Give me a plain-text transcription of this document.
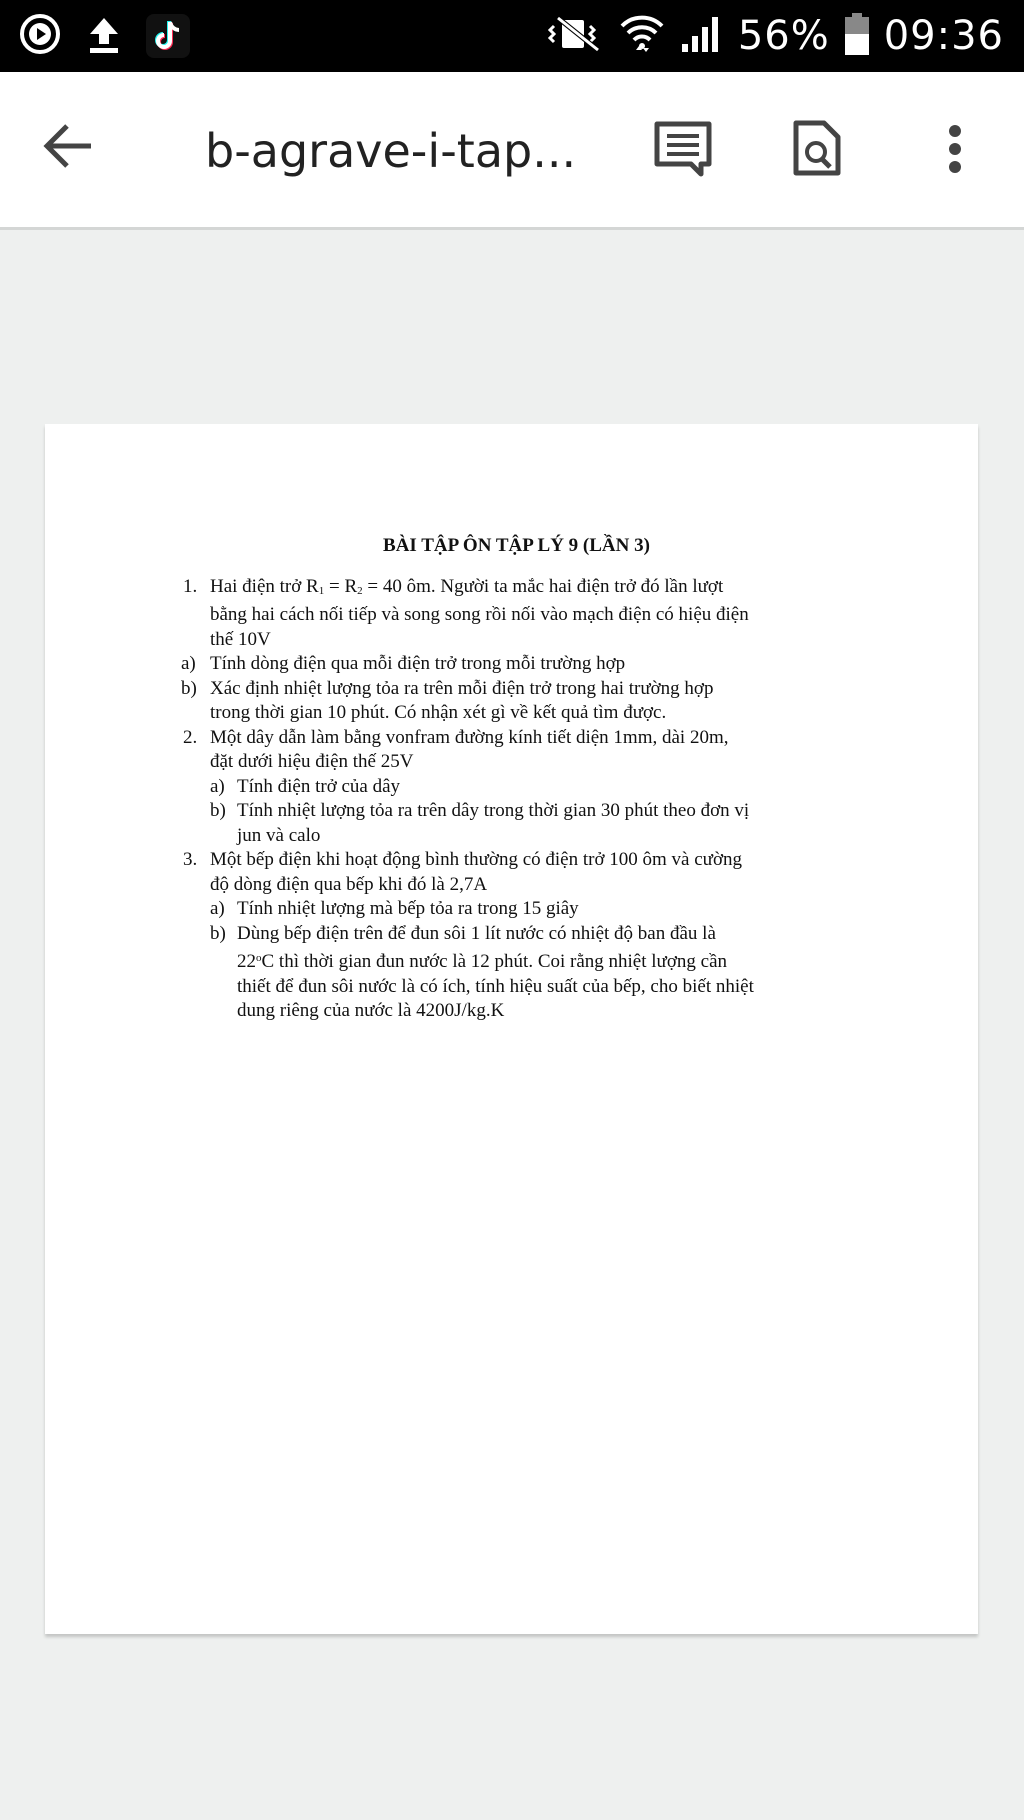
56% 09:36
b-agrave-i-tap...
BÀI TẬP ÔN TẬP LÝ 9 (LẦN 3)
1. Hai điện trở $R_1 = R_2 = 40$ ôm. Người ta mắc hai điện trở đó lần lượt bằng hai cách nối tiếp và song song rồi nối vào mạch điện có hiệu điện thế 10V
a) Tính dòng điện qua mỗi điện trở trong mỗi trường hợp
b) Xác định nhiệt lượng tỏa ra trên mỗi điện trở trong hai trường hợp trong thời gian 10 phút. Có nhận xét gì về kết quả tìm được.
2. Một dây dẫn làm bằng vonfram đường kính tiết diện 1mm, dài 20m, đặt dưới hiệu điện thế 25V
a) Tính điện trở của dây
b) Tính nhiệt lượng tỏa ra trên dây trong thời gian 30 phút theo đơn vị jun và calo
3. Một bếp điện khi hoạt động bình thường có điện trở 100 ôm và cường độ dòng điện qua bếp khi đó là 2,7A
a) Tính nhiệt lượng mà bếp tỏa ra trong 15 giây
b) Dùng bếp điện trên để đun sôi 1 lít nước có nhiệt độ ban đầu là 22$^o$C thì thời gian đun nước là 12 phút. Coi rằng nhiệt lượng cần thiết để đun sôi nước là có ích, tính hiệu suất của bếp, cho biết nhiệt dung riêng của nước là 4200J/kg.K
